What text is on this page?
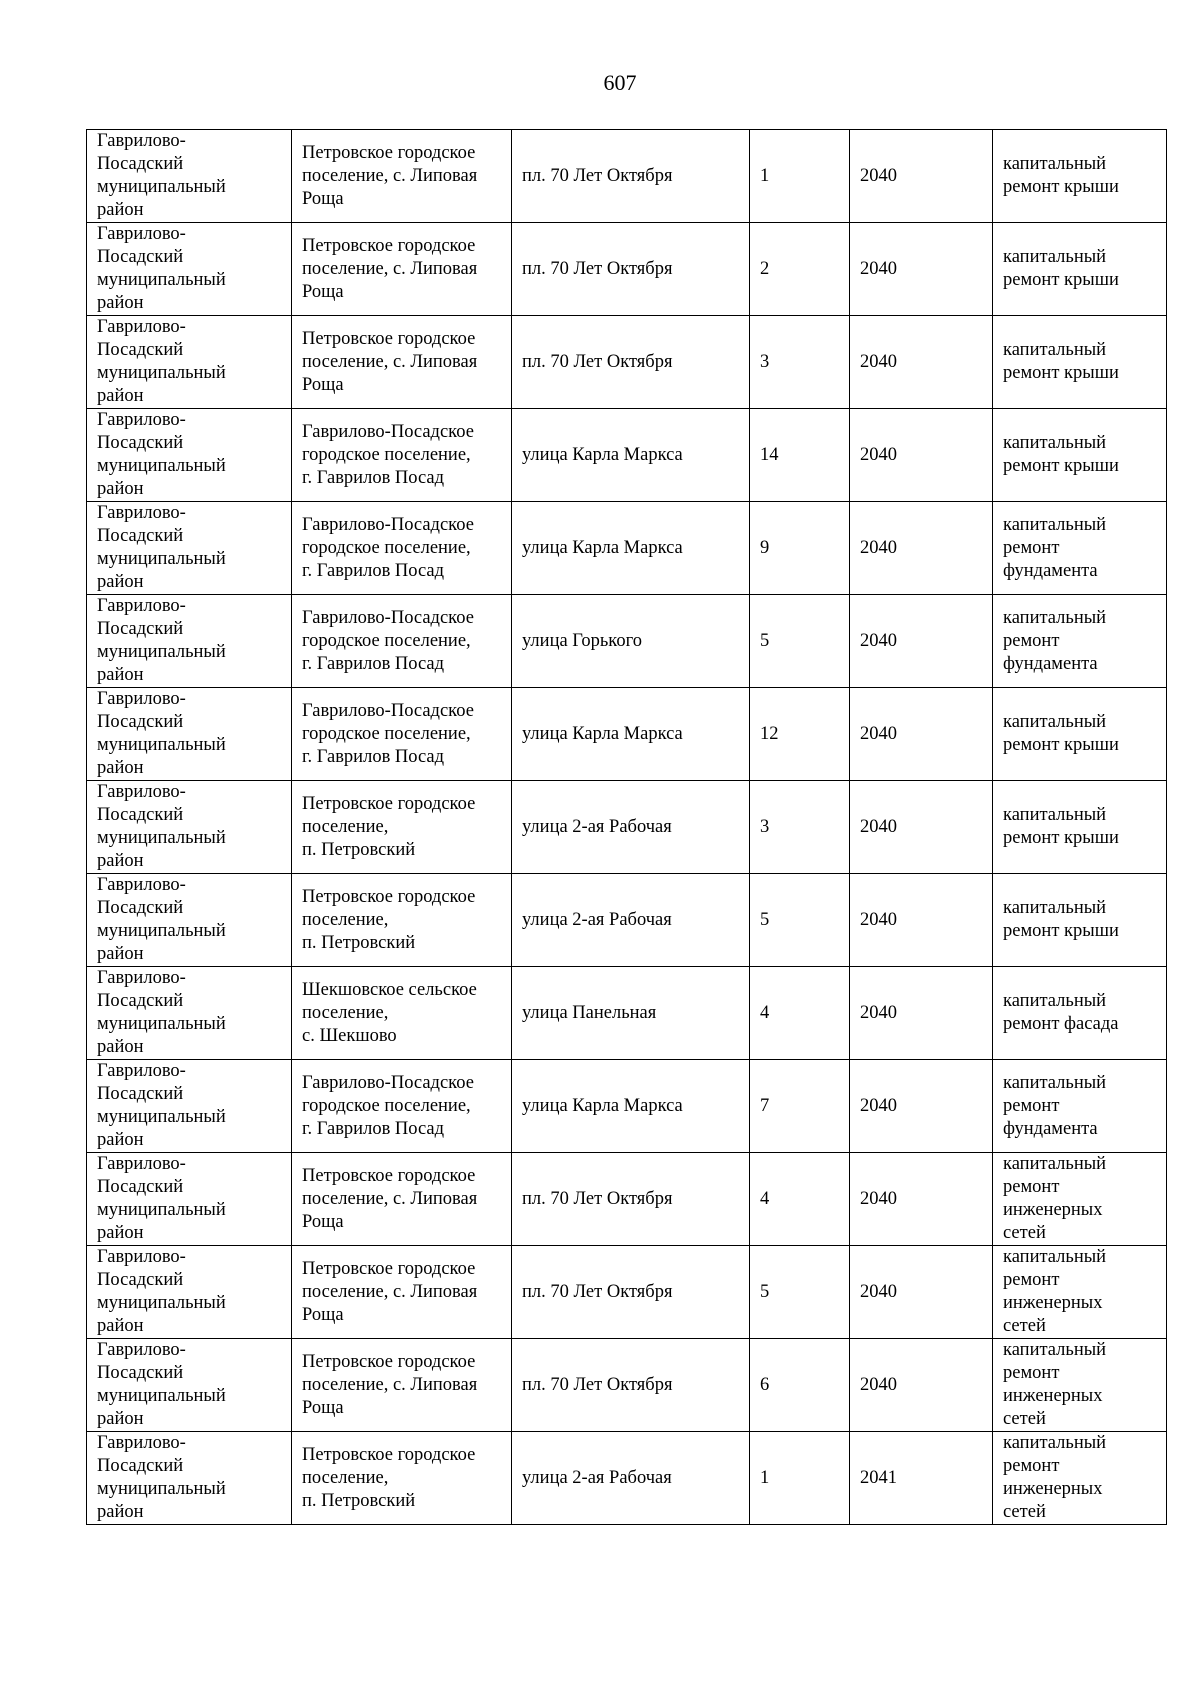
607
Гаврилово-
Посадский
муниципальный
район	Петровское городское
поселение, с. Липовая
Роща	пл. 70 Лет Октября	1	2040	капитальный
ремонт крыши

Гаврилово-
Посадский
муниципальный
район	Петровское городское
поселение, с. Липовая
Роща	пл. 70 Лет Октября	2	2040	капитальный
ремонт крыши

Гаврилово-
Посадский
муниципальный
район	Петровское городское
поселение, с. Липовая
Роща	пл. 70 Лет Октября	3	2040	капитальный
ремонт крыши

Гаврилово-
Посадский
муниципальный
район	Гаврилово-Посадское
городское поселение,
г. Гаврилов Посад	улица Карла Маркса	14	2040	капитальный
ремонт крыши

Гаврилово-
Посадский
муниципальный
район	Гаврилово-Посадское
городское поселение,
г. Гаврилов Посад	улица Карла Маркса	9	2040	капитальный
ремонт
фундамента

Гаврилово-
Посадский
муниципальный
район	Гаврилово-Посадское
городское поселение,
г. Гаврилов Посад	улица Горького	5	2040	капитальный
ремонт
фундамента

Гаврилово-
Посадский
муниципальный
район	Гаврилово-Посадское
городское поселение,
г. Гаврилов Посад	улица Карла Маркса	12	2040	капитальный
ремонт крыши

Гаврилово-
Посадский
муниципальный
район	Петровское городское
поселение,
п. Петровский	улица 2-ая Рабочая	3	2040	капитальный
ремонт крыши

Гаврилово-
Посадский
муниципальный
район	Петровское городское
поселение,
п. Петровский	улица 2-ая Рабочая	5	2040	капитальный
ремонт крыши

Гаврилово-
Посадский
муниципальный
район	Шекшовское сельское
поселение,
с. Шекшово	улица Панельная	4	2040	капитальный
ремонт фасада

Гаврилово-
Посадский
муниципальный
район	Гаврилово-Посадское
городское поселение,
г. Гаврилов Посад	улица Карла Маркса	7	2040	капитальный
ремонт
фундамента

Гаврилово-
Посадский
муниципальный
район	Петровское городское
поселение, с. Липовая
Роща	пл. 70 Лет Октября	4	2040	капитальный
ремонт
инженерных
сетей

Гаврилово-
Посадский
муниципальный
район	Петровское городское
поселение, с. Липовая
Роща	пл. 70 Лет Октября	5	2040	капитальный
ремонт
инженерных
сетей

Гаврилово-
Посадский
муниципальный
район	Петровское городское
поселение, с. Липовая
Роща	пл. 70 Лет Октября	6	2040	капитальный
ремонт
инженерных
сетей

Гаврилово-
Посадский
муниципальный
район	Петровское городское
поселение,
п. Петровский	улица 2-ая Рабочая	1	2041	капитальный
ремонт
инженерных
сетей
